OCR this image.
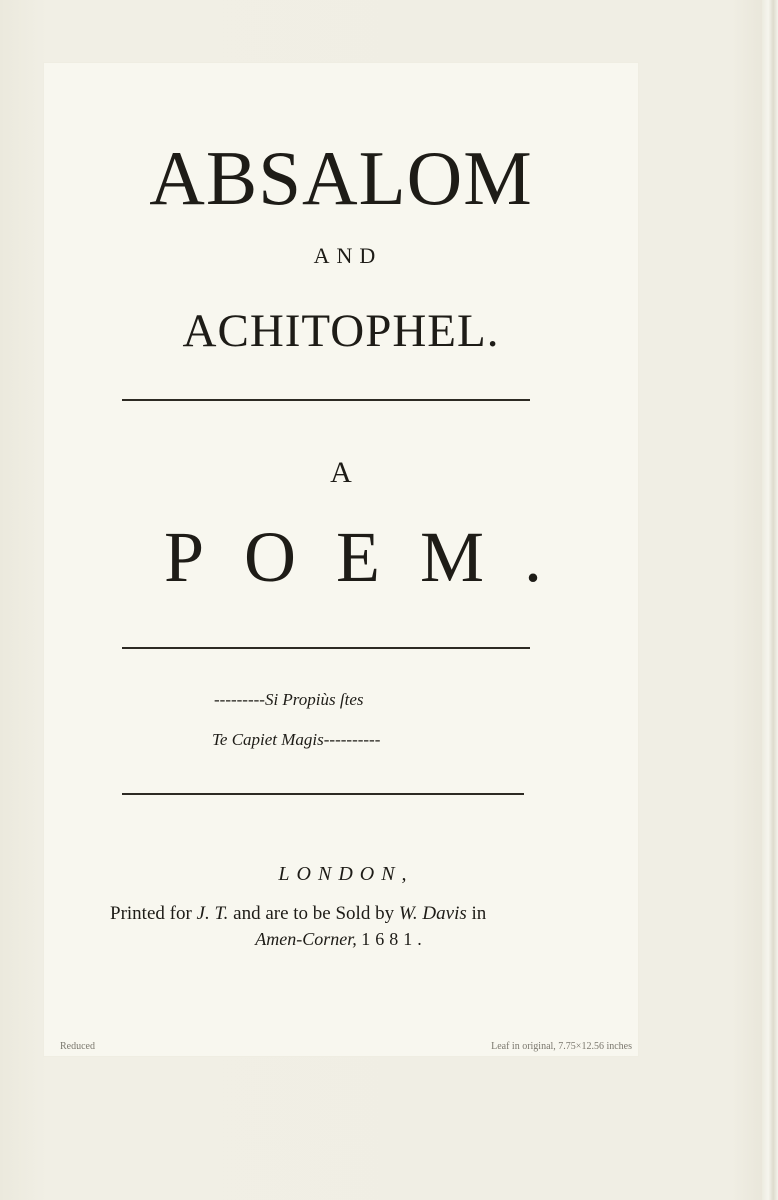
ABSALOM
AND
ACHITOPHEL.
A
POEM.
---------Si Propiùs ſtes
Te Capiet Magis----------
LONDON,
Printed for J. T. and are to be Sold by W. Davis in
Amen-Corner, 1681.
Reduced	Leaf in original, 7.75×12.56 inches
